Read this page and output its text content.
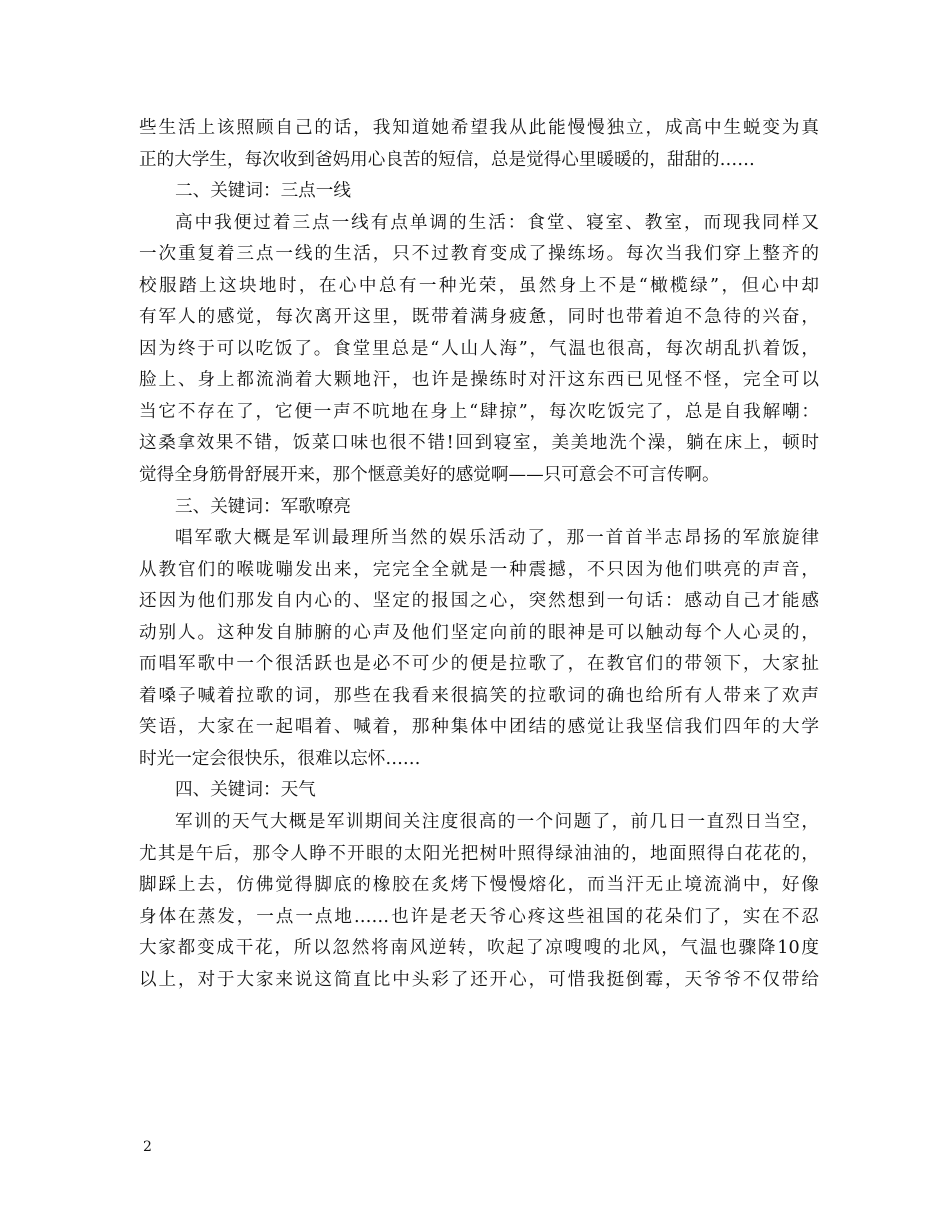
些生活上该照顾自己的话，我知道她希望我从此能慢慢独立，成高中生蜕变为真
正的大学生，每次收到爸妈用心良苦的短信，总是觉得心里暖暖的，甜甜的……
二、关键词：三点一线
高中我便过着三点一线有点单调的生活：食堂、寝室、教室，而现我同样又
一次重复着三点一线的生活，只不过教育变成了操练场。每次当我们穿上整齐的
校服踏上这块地时，在心中总有一种光荣，虽然身上不是“橄榄绿”，但心中却
有军人的感觉，每次离开这里，既带着满身疲惫，同时也带着迫不急待的兴奋，
因为终于可以吃饭了。食堂里总是“人山人海”，气温也很高，每次胡乱扒着饭，
脸上、身上都流淌着大颗地汗，也许是操练时对汗这东西已见怪不怪，完全可以
当它不存在了，它便一声不吭地在身上“肆掠”，每次吃饭完了，总是自我解嘲：
这桑拿效果不错，饭菜口味也很不错!回到寝室，美美地洗个澡，躺在床上，顿时
觉得全身筋骨舒展开来，那个惬意美好的感觉啊——只可意会不可言传啊。
三、关键词：军歌嘹亮
唱军歌大概是军训最理所当然的娱乐活动了，那一首首半志昂扬的军旅旋律
从教官们的喉咙嘣发出来，完完全全就是一种震撼，不只因为他们哄亮的声音，
还因为他们那发自内心的、坚定的报国之心，突然想到一句话：感动自己才能感
动别人。这种发自肺腑的心声及他们坚定向前的眼神是可以触动每个人心灵的，
而唱军歌中一个很活跃也是必不可少的便是拉歌了，在教官们的带领下，大家扯
着嗓子喊着拉歌的词，那些在我看来很搞笑的拉歌词的确也给所有人带来了欢声
笑语，大家在一起唱着、喊着，那种集体中团结的感觉让我坚信我们四年的大学
时光一定会很快乐，很难以忘怀……
四、关键词：天气
军训的天气大概是军训期间关注度很高的一个问题了，前几日一直烈日当空，
尤其是午后，那令人睁不开眼的太阳光把树叶照得绿油油的，地面照得白花花的，
脚踩上去，仿佛觉得脚底的橡胶在炙烤下慢慢熔化，而当汗无止境流淌中，好像
身体在蒸发，一点一点地……也许是老天爷心疼这些祖国的花朵们了，实在不忍
大家都变成干花，所以忽然将南风逆转，吹起了凉嗖嗖的北风，气温也骤降10度
以上，对于大家来说这简直比中头彩了还开心，可惜我挺倒霉，天爷爷不仅带给
2
